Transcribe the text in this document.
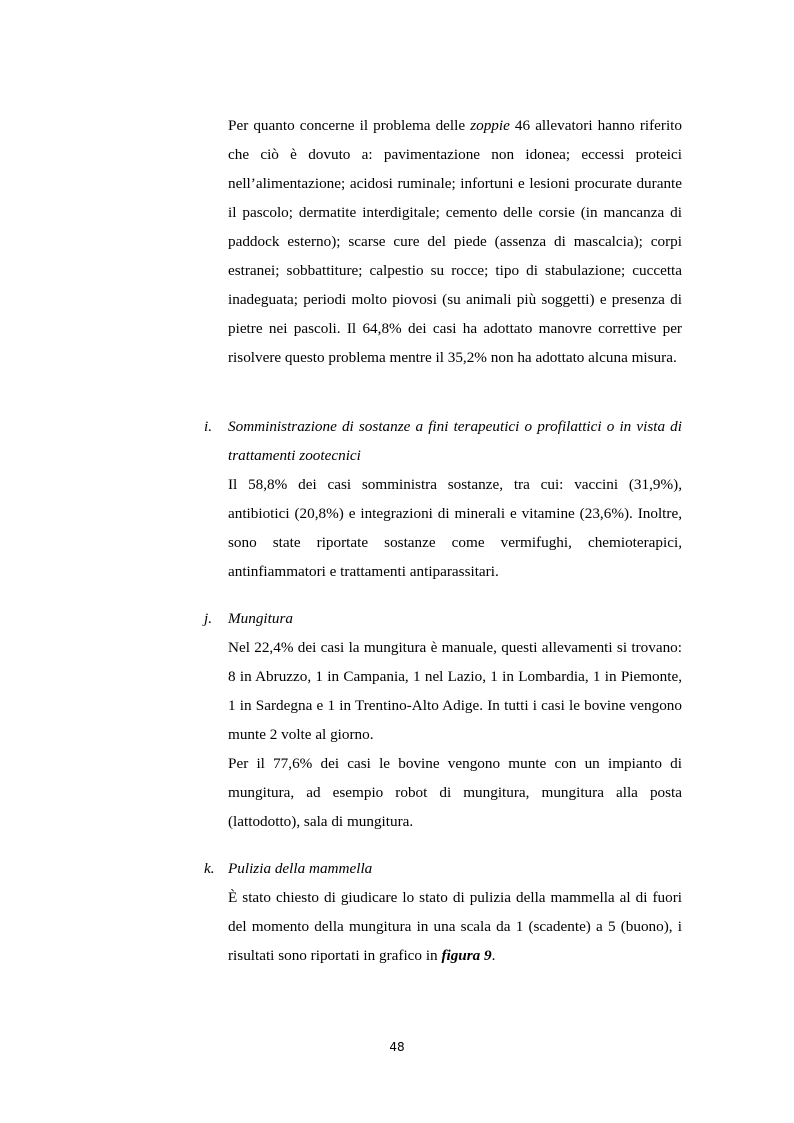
Per quanto concerne il problema delle zoppie 46 allevatori hanno riferito che ciò è dovuto a: pavimentazione non idonea; eccessi proteici nell’alimentazione; acidosi ruminale; infortuni e lesioni procurate durante il pascolo; dermatite interdigitale; cemento delle corsie (in mancanza di paddock esterno); scarse cure del piede (assenza di mascalcia); corpi estranei; sobbattiture; calpestio su rocce; tipo di stabulazione; cuccetta inadeguata; periodi molto piovosi (su animali più soggetti) e presenza di pietre nei pascoli. Il 64,8% dei casi ha adottato manovre correttive per risolvere questo problema mentre il 35,2% non ha adottato alcuna misura.

i. Somministrazione di sostanze a fini terapeutici o profilattici o in vista di trattamenti zootecnici

Il 58,8% dei casi somministra sostanze, tra cui: vaccini (31,9%), antibiotici (20,8%) e integrazioni di minerali e vitamine (23,6%). Inoltre, sono state riportate sostanze come vermifughi, chemioterapici, antinfiammatori e trattamenti antiparassitari.

j. Mungitura

Nel 22,4% dei casi la mungitura è manuale, questi allevamenti si trovano: 8 in Abruzzo, 1 in Campania, 1 nel Lazio, 1 in Lombardia, 1 in Piemonte, 1 in Sardegna e 1 in Trentino-Alto Adige. In tutti i casi le bovine vengono munte 2 volte al giorno.

Per il 77,6% dei casi le bovine vengono munte con un impianto di mungitura, ad esempio robot di mungitura, mungitura alla posta (lattodotto), sala di mungitura.

k. Pulizia della mammella

È stato chiesto di giudicare lo stato di pulizia della mammella al di fuori del momento della mungitura in una scala da 1 (scadente) a 5 (buono), i risultati sono riportati in grafico in figura 9.

48
